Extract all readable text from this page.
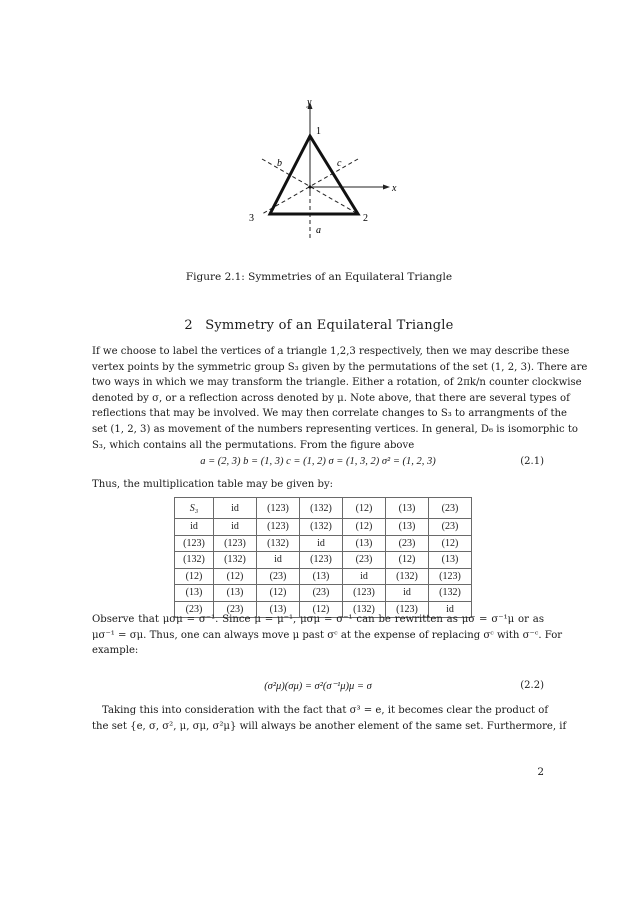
y
x
1
2
3
a
b	c
Figure 2.1: Symmetries of an Equilateral Triangle
2 Symmetry of an Equilateral Triangle
If we choose to label the vertices of a triangle 1,2,3 respectively, then we may describe these
vertex points by the symmetric group S₃ given by the permutations of the set (1, 2, 3). There are
two ways in which we may transform the triangle. Either a rotation, of 2πk/n counter clockwise
denoted by σ, or a reflection across denoted by μ. Note above, that there are several types of
reflections that may be involved. We may then correlate changes to S₃ to arrangments of the
set (1, 2, 3) as movement of the numbers representing vertices. In general, D₆ is isomorphic to
S₃, which contains all the permutations. From the figure above
a = (2, 3) b = (1, 3) c = (1, 2) σ = (1, 3, 2) σ² = (1, 2, 3)	(2.1)
Thus, the multiplication table may be given by:
S₃	id	(123)	(132)	(12)	(13)	(23)
id	id	(123)	(132)	(12)	(13)	(23)
(123)	(123)	(132)	id	(13)	(23)	(12)
(132)	(132)	id	(123)	(23)	(12)	(13)
(12)	(12)	(23)	(13)	id	(132)	(123)
(13)	(13)	(12)	(23)	(123)	id	(132)
(23)	(23)	(13)	(12)	(132)	(123)	id
Observe that μσμ = σ⁻¹. Since μ = μ⁻¹, μσμ = σ⁻¹ can be rewritten as μσ = σ⁻¹μ or as
μσ⁻¹ = σμ. Thus, one can always move μ past σᶜ at the expense of replacing σᶜ with σ⁻ᶜ. For
example:
(σ²μ)(σμ) = σ²(σ⁻¹μ)μ = σ	(2.2)
Taking this into consideration with the fact that σ³ = e, it becomes clear the product of
the set {e, σ, σ², μ, σμ, σ²μ} will always be another element of the same set. Furthermore, if
2
